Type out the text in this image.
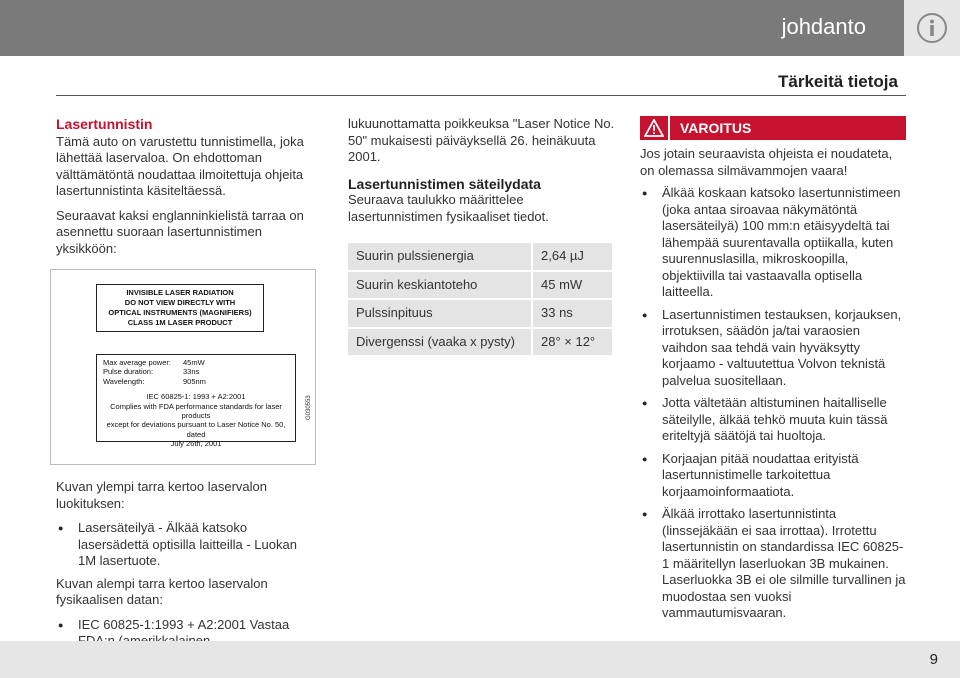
johdanto
Tärkeitä tietoja
Lasertunnistin

Tämä auto on varustettu tunnistimella, joka lähettää laservaloa. On ehdottoman välttämätöntä noudattaa ilmoitettuja ohjeita lasertunnistinta käsiteltäessä.

Seuraavat kaksi englanninkielistä tarraa on asennettu suoraan lasertunnistimen yksikköön:

INVISIBLE LASER RADIATION
DO NOT VIEW DIRECTLY WITH
OPTICAL INSTRUMENTS (MAGNIFIERS)
CLASS 1M LASER PRODUCT
Max average power:	45mW
Pulse duration:	33ns
Wavelength:	905nm
IEC 60825-1: 1993 + A2:2001
Complies with FDA performance standards for laser products
except for deviations pursuant to Laser Notice No. 50, dated
July 26th, 2001
G030553

Kuvan ylempi tarra kertoo laservalon luokituksen:

● Lasersäteilyä - Älkää katsoko lasersädettä optisilla laitteilla - Luokan 1M lasertuote.

Kuvan alempi tarra kertoo laservalon fysikaalisen datan:

● IEC 60825-1:1993 + A2:2001 Vastaa

lukuunottamatta poikkeuksa "Laser Notice No. 50" mukaisesti päiväyksellä 26. heinäkuuta 2001.

Lasertunnistimen säteilydata

Seuraava taulukko määrittelee lasertunnistimen fysikaaliset tiedot.

Suurin pulssienergia	2,64 µJ
Suurin keskiantoteho	45 mW
Pulssinpituus	33 ns
Divergenssi (vaaka x pysty)	28° × 12°
VAROITUS

Jos jotain seuraavista ohjeista ei noudateta, on olemassa silmävammojen vaara!

● Älkää koskaan katsoko lasertunnistimeen (joka antaa siroavaa näkymätöntä lasersäteilyä) 100 mm:n etäisyydeltä tai lähempää suurentavalla optiikalla, kuten suurennuslasilla, mikroskoopilla, objektiivilla tai vastaavalla optisella laitteella.
● Lasertunnistimen testauksen, korjauksen, irrotuksen, säädön ja/tai varaosien vaihdon saa tehdä vain hyväksytty korjaamo - valtuutettua Volvon teknistä palvelua suositellaan.
● Jotta vältetään altistuminen haitalliselle säteilylle, älkää tehkö muuta kuin tässä eriteltyjä säätöjä tai huoltoja.
● Korjaajan pitää noudattaa erityistä lasertunnistimelle tarkoitettua korjaamoinformaatiota.
● Älkää irrottako lasertunnistinta (linssejäkään ei saa irrottaa). Irrotettu lasertunnistin on standardissa IEC 60825-1 määritellyn laserluokan 3B mukainen. Laserluokka 3B ei ole silmille turvallinen ja muodostaa sen vuoksi vammautumisvaaran.
9
